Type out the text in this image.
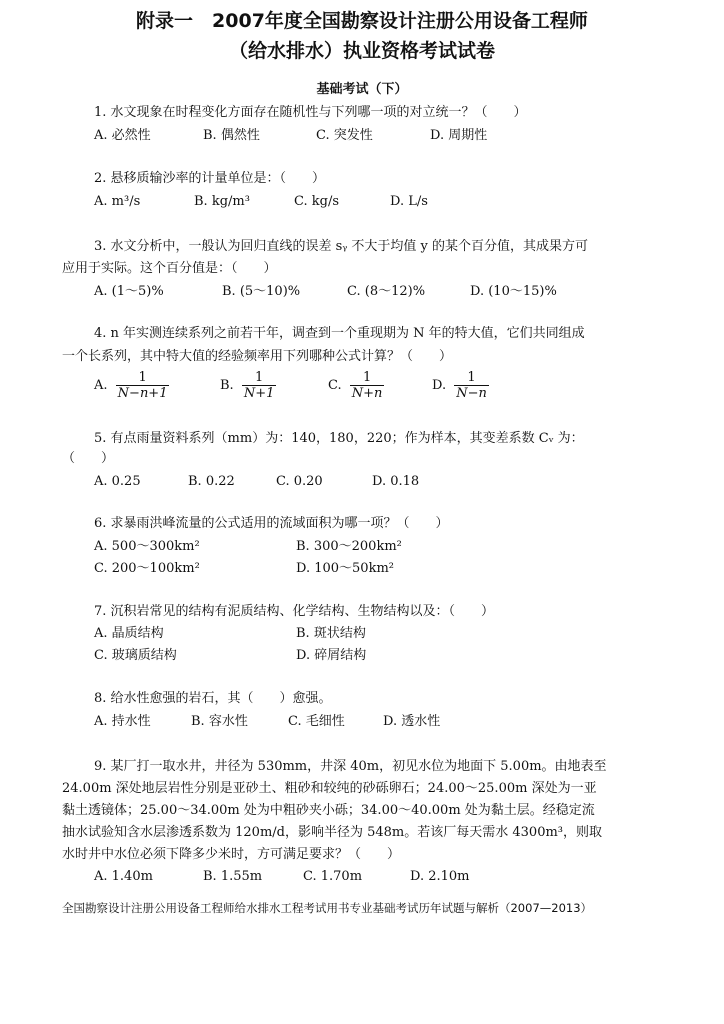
附录一　2007年度全国勘察设计注册公用设备工程师
（给水排水）执业资格考试试卷
基础考试（下）
1. 水文现象在时程变化方面存在随机性与下列哪一项的对立统一？（　　）
A. 必然性	B. 偶然性	C. 突发性	D. 周期性
2. 悬移质输沙率的计量单位是：（　　）
A. m³/s	B. kg/m³	C. kg/s	D. L/s
3. 水文分析中，一般认为回归直线的误差 sᵧ 不大于均值 y 的某个百分值，其成果方可
应用于实际。这个百分值是：（　　）
A. (1～5)%	B. (5～10)%	C. (8～12)%	D. (10～15)%
4. n 年实测连续系列之前若干年，调查到一个重现期为 N 年的特大值，它们共同组成
一个长系列，其中特大值的经验频率用下列哪种公式计算？（　　）
A. $\frac{1}{N-n+1}$	B. $\frac{1}{N+1}$	C. $\frac{1}{N+n}$	D. $\frac{1}{N-n}$
5. 有点雨量资料系列（mm）为：140，180，220；作为样本，其变差系数 Cᵥ 为：
（　　）
A. 0.25	B. 0.22	C. 0.20	D. 0.18
6. 求暴雨洪峰流量的公式适用的流域面积为哪一项？（　　）
A. 500～300km²	B. 300～200km²
C. 200～100km²	D. 100～50km²
7. 沉积岩常见的结构有泥质结构、化学结构、生物结构以及：（　　）
A. 晶质结构	B. 斑状结构
C. 玻璃质结构	D. 碎屑结构
8. 给水性愈强的岩石，其（　　）愈强。
A. 持水性	B. 容水性	C. 毛细性	D. 透水性
9. 某厂打一取水井，井径为 530mm，井深 40m，初见水位为地面下 5.00m。由地表至
24.00m 深处地层岩性分别是亚砂土、粗砂和较纯的砂砾卵石；24.00～25.00m 深处为一亚
黏土透镜体；25.00～34.00m 处为中粗砂夹小砾；34.00～40.00m 处为黏土层。经稳定流
抽水试验知含水层渗透系数为 120m/d，影响半径为 548m。若该厂每天需水 4300m³，则取
水时井中水位必须下降多少米时，方可满足要求？（　　）
A. 1.40m	B. 1.55m	C. 1.70m	D. 2.10m
全国勘察设计注册公用设备工程师给水排水工程考试用书专业基础考试历年试题与解析（2007—2013）
